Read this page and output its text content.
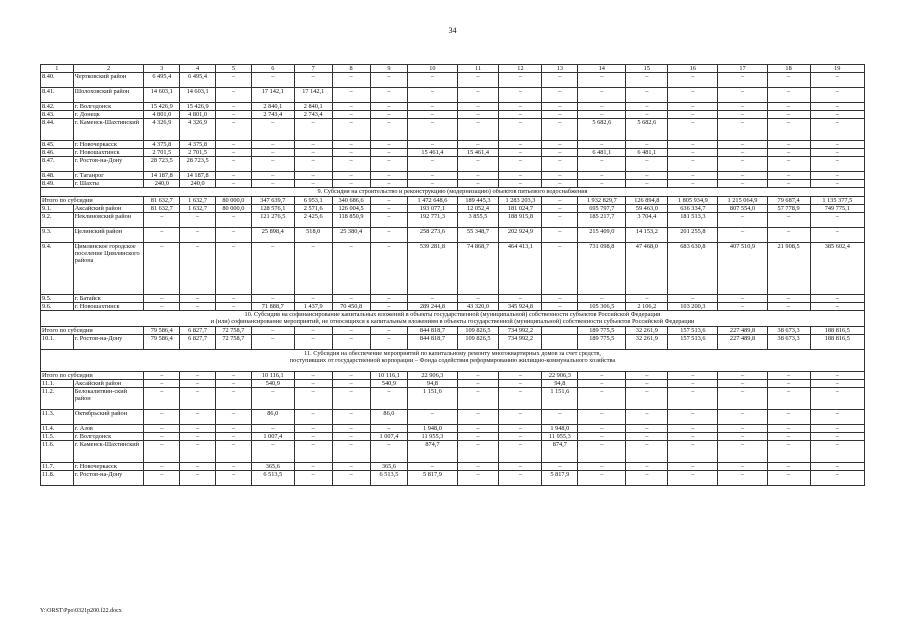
34
1	2	3	4	5	6	7	8	9	10	11	12	13	14	15	16	17	18	19
8.40.	Чертковский район	6 495,4	6 495,4	–	–	–	–	–	–	–	–	–	–	–	–	–	–	–
8.41.	Шолоховский район	14 603,1	14 603,1	–	17 142,1	17 142,1	–	–	–	–	–	–	–	–	–	–	–	–
8.42.	г. Волгодонск	15 426,9	15 426,9	–	2 840,1	2 840,1	–	–	–	–	–	–	–	–	–	–	–	–
8.43.	г. Донецк	4 801,0	4 801,0	–	2 743,4	2 743,4	–	–	–	–	–	–	–	–	–	–	–	–
8.44.	г. Каменск-Шахтинский	4 326,9	4 326,9	–	–	–	–	–	–	–	–	–	5 682,6	5 682,6	–	–	–	–
8.45.	г. Новочеркасск	4 375,8	4 375,8	–	–	–	–	–	–	–	–	–	–	–	–	–	–	–
8.46.	г. Новошахтинск	2 701,5	2 701,5	–	–	–	–	–	15 461,4	15 461,4	–	–	6 481,1	6 481,1	–	–	–	–
8.47.	г. Ростов-на-Дону	28 723,5	28 723,5	–	–	–	–	–	–	–	–	–	–	–	–	–	–	–
8.48.	г. Таганрог	14 187,8	14 187,8	–	–	–	–	–	–	–	–	–	–	–	–	–	–	–
8.49.	г. Шахты	240,0	240,0	–	–	–	–	–	–	–	–	–	–	–	–	–	–	–

9. Субсидия на строительство и реконструкцию (модернизацию) объектов питьевого водоснабжения																		

Итого по субсидии		81 632,7	1 632,7	80 000,0	347 639,7	6 953,1	340 686,6	–	1 472 648,6	189 445,3	1 283 203,3	–	1 932 829,7	126 894,8	1 805 934,9	1 215 064,9	79 687,4	1 135 377,5
9.1.	Аксайский район	81 632,7	1 632,7	80 000,0	128 576,1	2 571,6	126 004,5	–	193 077,1	12 052,4	181 024,7	–	695 797,7	59 463,0	636 334,7	807 554,0	57 778,9	749 775,1
9.2.	Неклиновский район	–	–	–	121 276,5	2 425,6	118 850,9	–	192 771,3	3 855,5	188 915,8	–	185 217,7	3 704,4	181 513,3	–	–	–
9.3.	Целинский район	–	–	–	25 898,4	518,0	25 380,4	–	258 273,6	55 348,7	202 924,9	–	215 409,0	14 153,2	201 255,8	–	–	–
9.4.	Цимлянское городское поселение Цимлянского района	–	–	–	–	–	–	–	539 281,8	74 868,7	464 413,1	–	731 098,8	47 468,0	683 630,8	407 510,9	21 908,5	385 602,4
9.5.	г. Батайск	–	–	–	–	–	–	–	–	–	–	–	–	–	–	–	–	–
9.6.	г. Новошахтинск	–	–	–	71 888,7	1 437,9	70 450,8	–	289 244,8	43 320,0	345 924,8	–	105 306,5	2 106,2	103 200,3	–	–	–

10. Субсидия на софинансирование капитальных вложений в объекты государственной (муниципальной) собственности субъектов Российской Федерации
и (или) софинансирование мероприятий, не относящихся к капитальным вложениям в объекты государственной (муниципальной) собственности субъектов Российской Федерации																		

Итого по субсидии		79 586,4	6 827,7	72 758,7	–	–	–	–	844 818,7	109 826,5	734 992,2		189 775,5	32 261,9	157 513,6	227 489,8	38 673,3	188 816,5
10.1.	г. Ростов-на-Дону	79 586,4	6 827,7	72 758,7	–	–	–	–	844 818,7	109 826,5	734 992,2		189 775,5	32 261,9	157 513,6	227 489,8	38 673,3	188 816,5

11. Субсидия на обеспечение мероприятий по капитальному ремонту многоквартирных домов за счет средств,
поступивших от государственной корпорации – Фонда содействия реформированию жилищно-коммунального хозяйства																		

Итого по субсидии		–	–	–	10 116,1	–	–	10 116,1	22 906,3	–	–	22 906,3	–	–	–	–	–	–
11.1.	Аксайский район	–	–	–	540,9	–	–	540,9	94,8	–	–	94,8	–	–	–	–	–	–
11.2.	Белокалитвин-ский район	–	–	–	–	–	–	–	1 151,6	–	–	1 151,6	–	–	–	–	–	–
11.3.	Октябрьский район	–	–	–	86,0	–	–	86,0	–	–	–	–	–	–	–	–	–	–
11.4.	г. Азов	–	–	–	–	–	–	–	1 948,0	–	–	1 948,0	–	–	–	–	–	–
11.5.	г. Волгодонск	–	–	–	1 007,4	–	–	1 007,4	11 955,3	–	–	11 955,3	–	–	–	–	–	–
11.6.	г. Каменск-Шахтинский	–	–	–	–	–	–	–	874,7	–	–	874,7	–	–	–	–	–	–
11.7.	г. Новочеркасск	–	–	–	365,6	–	–	365,6	–	–	–	–	–	–	–	–	–	–
11.8.	г. Ростов-на-Дону	–	–	–	6 513,5	–	–	6 513,5	5 817,9	–	–	5 817,9	–	–	–	–	–	–
Y:\ORST\Ppo\0321p200.f22.docx
